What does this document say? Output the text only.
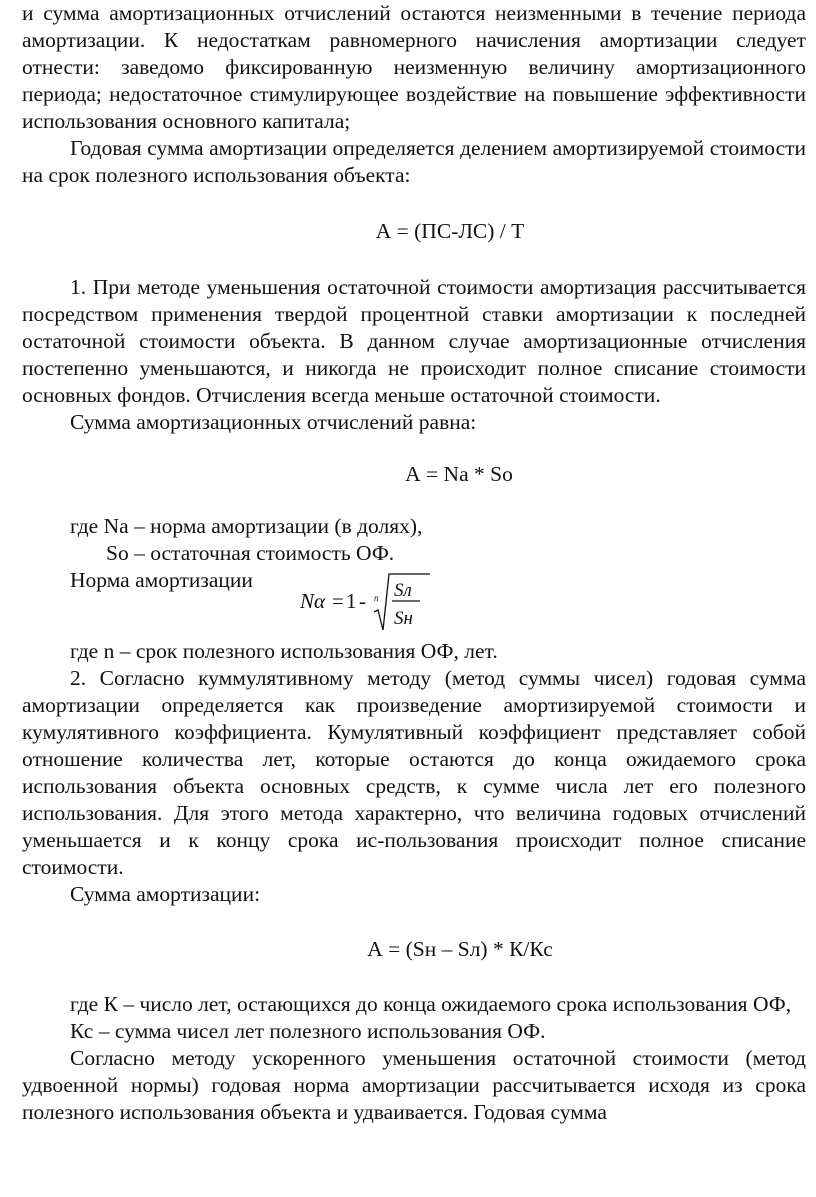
и сумма амортизационных отчислений остаются неизменными в течение периода амортизации. К недостаткам равномерного начисления амортизации следует отнести: заведомо фиксированную неизменную величину амортизационного периода; недостаточное стимулирующее воздействие на повышение эффективности использования основного капитала;

Годовая сумма амортизации определяется делением амортизируемой стоимости на срок полезного использования объекта:

А = (ПС-ЛС) / Т

1. При методе уменьшения остаточной стоимости амортизация рассчитывается посредством применения твердой процентной ставки амортизации к последней остаточной стоимости объекта. В данном случае амортизационные отчисления постепенно уменьшаются, и никогда не происходит полное списание стоимости основных фондов. Отчисления всегда меньше остаточной стоимости.

Сумма амортизационных отчислений равна:

А = Nа * Sо

где Nа – норма амортизации (в долях),

Sо – остаточная стоимость ОФ.

Норма амортизации

Nα = 1 - n Sл
Sн

где n – срок полезного использования ОФ, лет.

2. Согласно куммулятивному методу (метод суммы чисел) годовая сумма амортизации определяется как произведение амортизируемой стоимости и кумулятивного коэффициента. Кумулятивный коэффициент представляет собой отношение количества лет, которые остаются до конца ожидаемого срока использования объекта основных средств, к сумме числа лет его полезного использования. Для этого метода характерно, что величина годовых отчислений уменьшается и к концу срока ис-пользования происходит полное списание стоимости.

Сумма амортизации:

А = (Sн – Sл) * К/Кс

где К – число лет, остающихся до конца ожидаемого срока использования ОФ,

Кс – сумма чисел лет полезного использования ОФ.

Согласно методу ускоренного уменьшения остаточной стоимости (метод удвоенной нормы) годовая норма амортизации рассчитывается исходя из срока полезного использования объекта и удваивается. Годовая сумма
